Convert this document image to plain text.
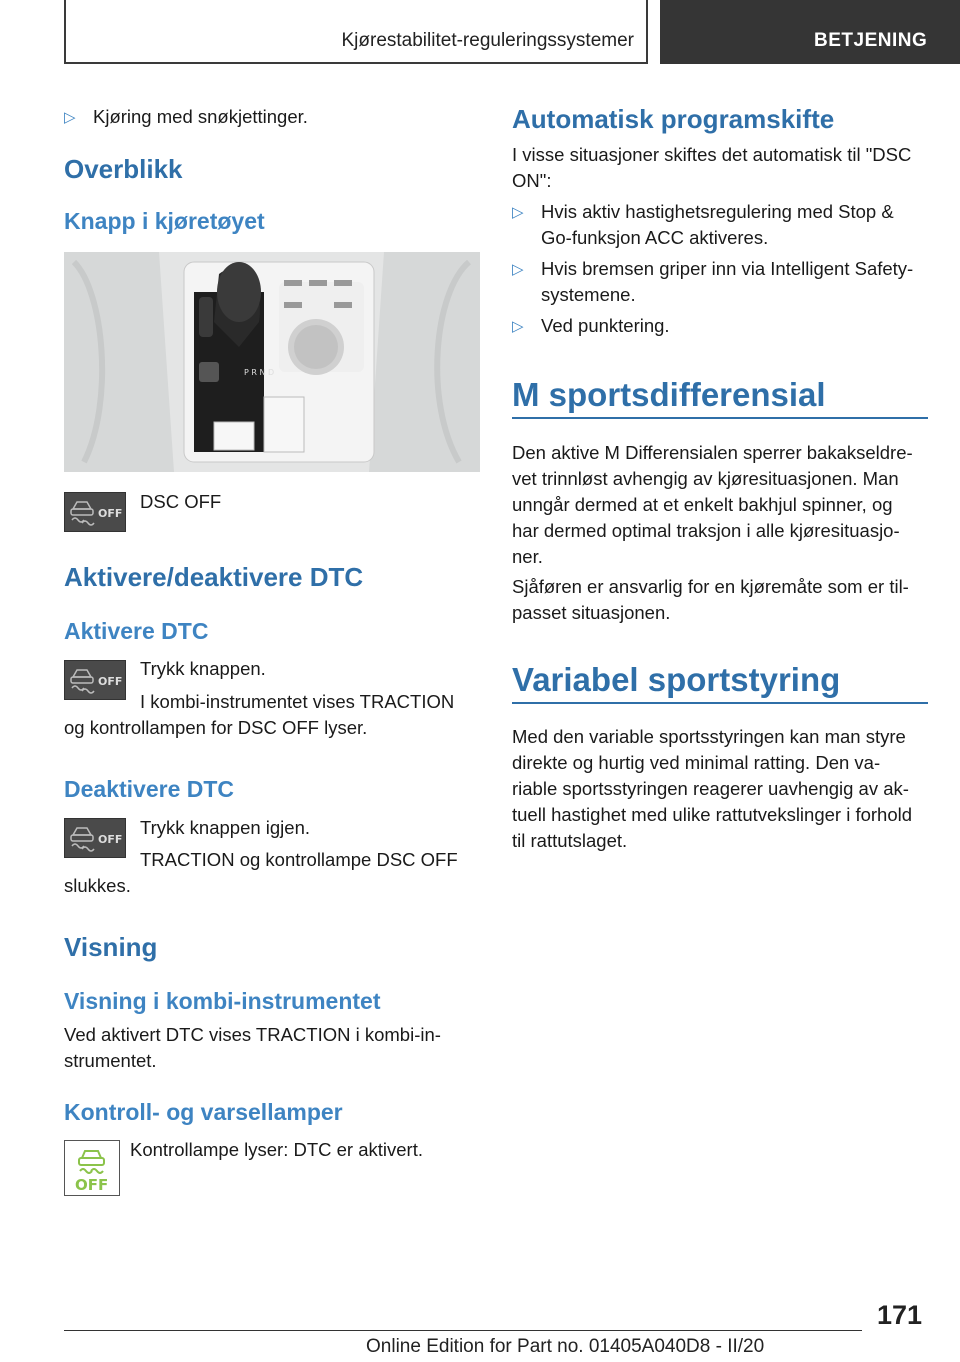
Kjørestabilitet-reguleringssystemer	BETJENING
▷ Kjøring med snøkjettinger.
Overblikk
Knapp i kjøretøyet
P R N D
OFF
DSC OFF
Aktivere/deaktivere DTC
Aktivere DTC
OFF
Trykk knappen.
I kombi-instrumentet vises TRACTION
og kontrollampen for DSC OFF lyser.
Deaktivere DTC
OFF
Trykk knappen igjen.
TRACTION og kontrollampe DSC OFF
slukkes.
Visning
Visning i kombi-instrumentet
Ved aktivert DTC vises TRACTION i kombi-in-
strumentet.
Kontroll- og varsellamper
OFF
Kontrollampe lyser: DTC er aktivert.
Automatisk programskifte
I visse situasjoner skiftes det automatisk til "DSC
ON":
▷ Hvis aktiv hastighetsregulering med Stop &
Go-funksjon ACC aktiveres.
▷ Hvis bremsen griper inn via Intelligent Safety-
systemene.
▷ Ved punktering.
M sportsdifferensial
Den aktive M Differensialen sperrer bakakseldre-
vet trinnløst avhengig av kjøresituasjonen. Man
unngår dermed at et enkelt bakhjul spinner, og
har dermed optimal traksjon i alle kjøresituasjo-
ner.
Sjåføren er ansvarlig for en kjøremåte som er til-
passet situasjonen.
Variabel sportstyring
Med den variable sportsstyringen kan man styre
direkte og hurtig ved minimal ratting. Den va-
riable sportsstyringen reagerer uavhengig av ak-
tuell hastighet med ulike rattutvekslinger i forhold
til rattutslaget.
171
Online Edition for Part no. 01405A040D8 - II/20
